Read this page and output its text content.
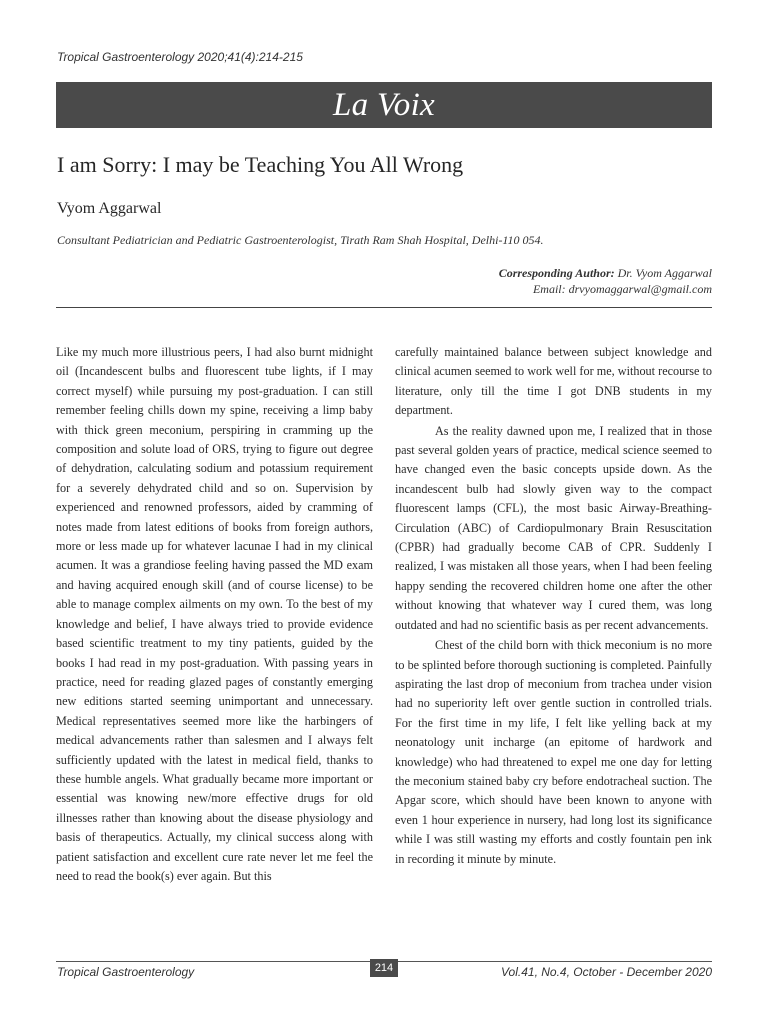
Tropical Gastroenterology 2020;41(4):214-215
La Voix
I am Sorry: I may be Teaching You All Wrong
Vyom Aggarwal
Consultant Pediatrician and Pediatric Gastroenterologist, Tirath Ram Shah Hospital, Delhi-110 054.
Corresponding Author: Dr. Vyom Aggarwal
Email: drvyomaggarwal@gmail.com

Like my much more illustrious peers, I had also burnt midnight oil (Incandescent bulbs and fluorescent tube lights, if I may correct myself) while pursuing my post-graduation. I can still remember feeling chills down my spine, receiving a limp baby with thick green meconium, perspiring in cramming up the composition and solute load of ORS, trying to figure out degree of dehydration, calculating sodium and potassium requirement for a severely dehydrated child and so on. Supervision by experienced and renowned professors, aided by cramming of notes made from latest editions of books from foreign authors, more or less made up for whatever lacunae I had in my clinical acumen. It was a grandiose feeling having passed the MD exam and having acquired enough skill (and of course license) to be able to manage complex ailments on my own. To the best of my knowledge and belief, I have always tried to provide evidence based scientific treatment to my tiny patients, guided by the books I had read in my post-graduation. With passing years in practice, need for reading glazed pages of constantly emerging new editions started seeming unimportant and unnecessary. Medical representatives seemed more like the harbingers of medical advancements rather than salesmen and I always felt sufficiently updated with the latest in medical field, thanks to these humble angels. What gradually became more important or essential was knowing new/more effective drugs for old illnesses rather than knowing about the disease physiology and basis of therapeutics. Actually, my clinical success along with patient satisfaction and excellent cure rate never let me feel the need to read the book(s) ever again. But this

carefully maintained balance between subject knowledge and clinical acumen seemed to work well for me, without recourse to literature, only till the time I got DNB students in my department.

As the reality dawned upon me, I realized that in those past several golden years of practice, medical science seemed to have changed even the basic concepts upside down. As the incandescent bulb had slowly given way to the compact fluorescent lamps (CFL), the most basic Airway-Breathing-Circulation (ABC) of Cardiopulmonary Brain Resuscitation (CPBR) had gradually become CAB of CPR. Suddenly I realized, I was mistaken all those years, when I had been feeling happy sending the recovered children home one after the other without knowing that whatever way I cured them, was long outdated and had no scientific basis as per recent advancements.

Chest of the child born with thick meconium is no more to be splinted before thorough suctioning is completed. Painfully aspirating the last drop of meconium from trachea under vision had no superiority left over gentle suction in controlled trials. For the first time in my life, I felt like yelling back at my neonatology unit incharge (an epitome of hardwork and knowledge) who had threatened to expel me one day for letting the meconium stained baby cry before endotracheal suction. The Apgar score, which should have been known to anyone with even 1 hour experience in nursery, had long lost its significance while I was still wasting my efforts and costly fountain pen ink in recording it minute by minute.

Tropical Gastroenterology	214	Vol.41, No.4, October - December 2020
